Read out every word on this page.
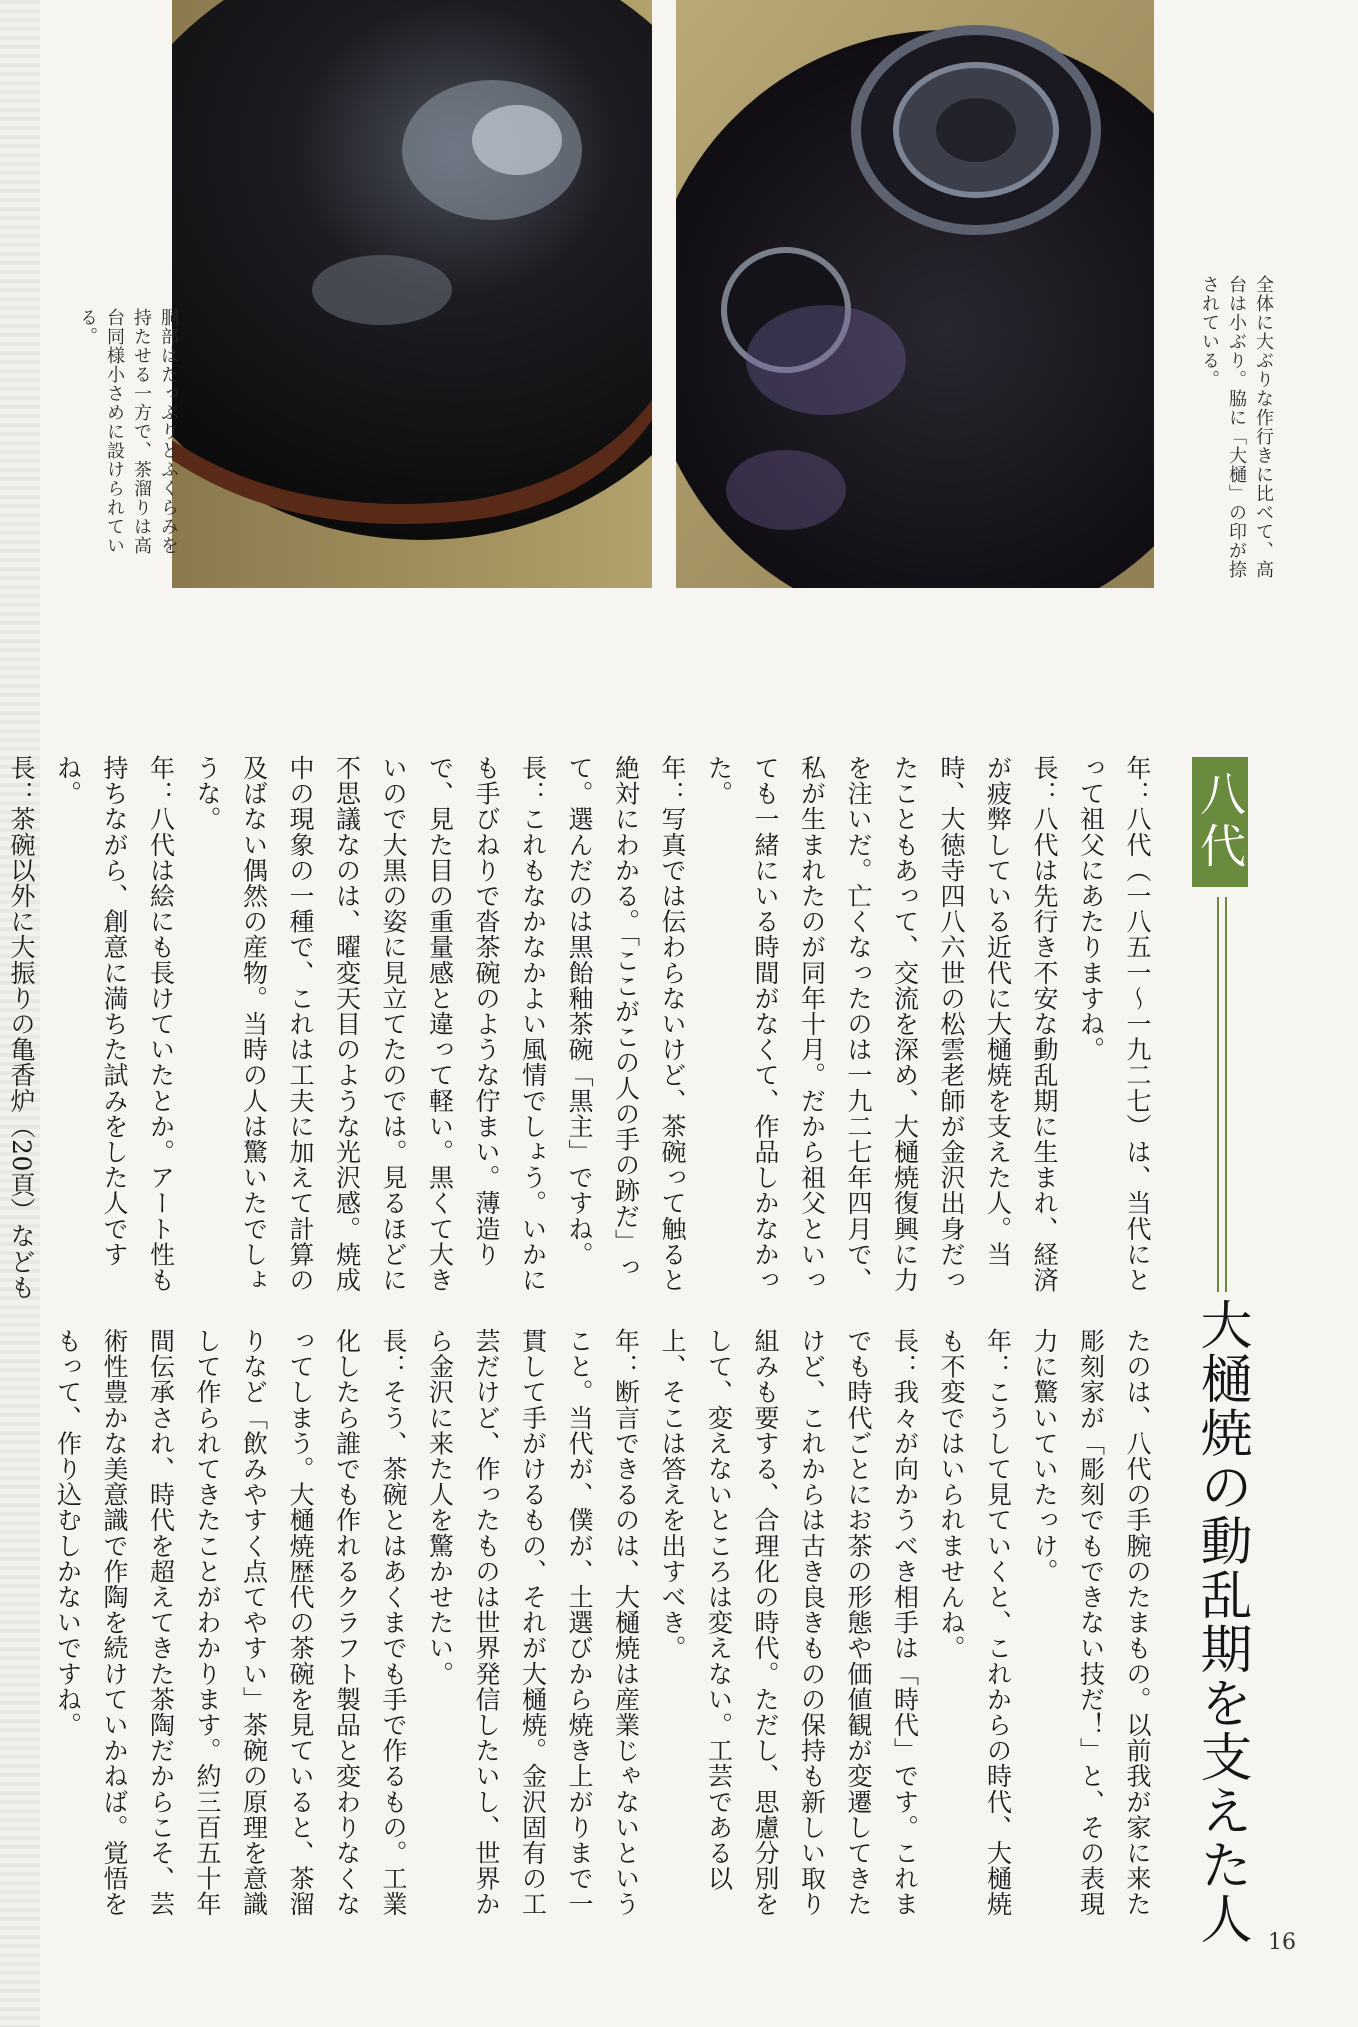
胴部はたっぷりとふくらみを持たせる一方で、茶溜りは高台同様小さめに設けられている。	全体に大ぶりな作行きに比べて、高台は小ぶり。脇に「大樋」の印が捺されている。
八代
大樋焼の動乱期を支えた人
年：八代（一八五一～一九二七）は、当代にとって祖父にあたりますね。
長：八代は先行き不安な動乱期に生まれ、経済が疲弊している近代に大樋焼を支えた人。当時、大徳寺四八六世の松雲老師が金沢出身だったこともあって、交流を深め、大樋焼復興に力を注いだ。亡くなったのは一九二七年四月で、私が生まれたのが同年十月。だから祖父といっても一緒にいる時間がなくて、作品しかなかった。
年：写真では伝わらないけど、茶碗って触ると絶対にわかる。「ここがこの人の手の跡だ」って。選んだのは黒飴釉茶碗「黒主」ですね。
長：これもなかなかよい風情でしょう。いかにも手びねりで沓茶碗のような佇まい。薄造りで、見た目の重量感と違って軽い。黒くて大きいので大黒の姿に見立てたのでは。見るほどに不思議なのは、曜変天目のような光沢感。焼成中の現象の一種で、これは工夫に加えて計算の及ばない偶然の産物。当時の人は驚いたでしょうな。
年：八代は絵にも長けていたとか。アート性も持ちながら、創意に満ちた試みをした人ですね。
長：茶碗以外に大振りの亀香炉（20頁）なども
たのは、八代の手腕のたまもの。以前我が家に来た彫刻家が「彫刻でもできない技だ！」と、その表現力に驚いていたっけ。
年：こうして見ていくと、これからの時代、大樋焼も不変ではいられませんね。
長：我々が向かうべき相手は「時代」です。これまでも時代ごとにお茶の形態や価値観が変遷してきたけど、これからは古き良きものの保持も新しい取り組みも要する、合理化の時代。ただし、思慮分別をして、変えないところは変えない。工芸である以上、そこは答えを出すべき。
年：断言できるのは、大樋焼は産業じゃないということ。当代が、僕が、土選びから焼き上がりまで一貫して手がけるもの、それが大樋焼。金沢固有の工芸だけど、作ったものは世界発信したいし、世界から金沢に来た人を驚かせたい。
長：そう、茶碗とはあくまでも手で作るもの。工業化したら誰でも作れるクラフト製品と変わりなくなってしまう。大樋焼歴代の茶碗を見ていると、茶溜りなど「飲みやすく点てやすい」茶碗の原理を意識して作られてきたことがわかります。約三百五十年間伝承され、時代を超えてきた茶陶だからこそ、芸術性豊かな美意識で作陶を続けていかねば。覚悟をもって、作り込むしかないですね。
16
